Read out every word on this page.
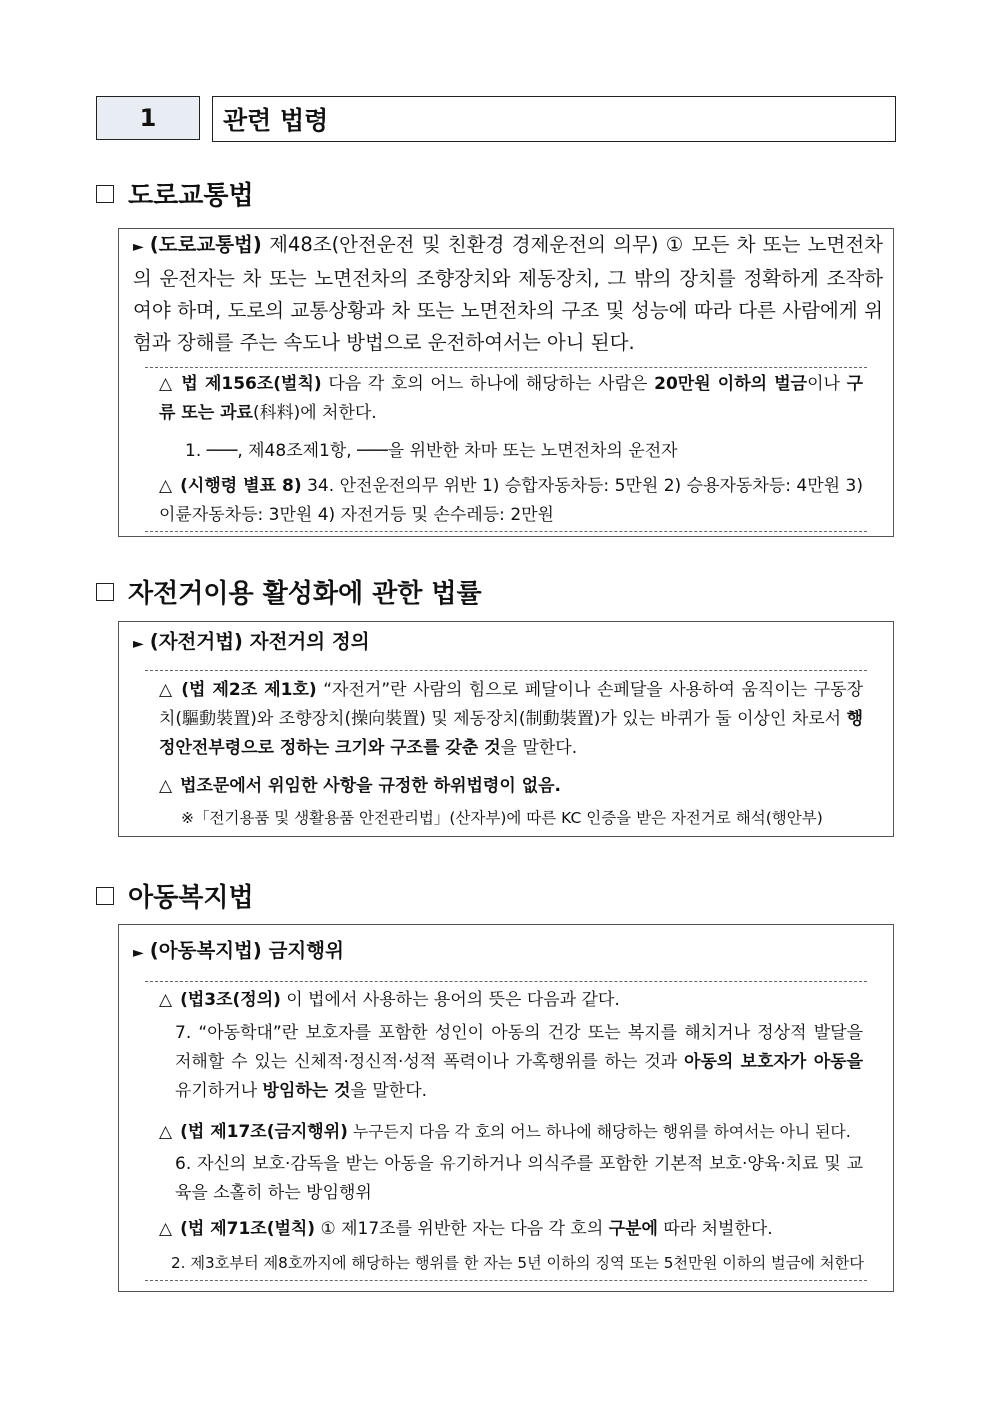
1	관련 법령
도로교통법
► (도로교통법) 제48조(안전운전 및 친환경 경제운전의 의무) ① 모든 차 또는 노면전차의 운전자는 차 또는 노면전차의 조향장치와 제동장치, 그 밖의 장치를 정확하게 조작하여야 하며, 도로의 교통상황과 차 또는 노면전차의 구조 및 성능에 따라 다른 사람에게 위험과 장해를 주는 속도나 방법으로 운전하여서는 아니 된다.
△ 법 제156조(벌칙) 다음 각 호의 어느 하나에 해당하는 사람은 20만원 이하의 벌금이나 구류 또는 과료(科料)에 처한다.
1. ───, 제48조제1항, ───을 위반한 차마 또는 노면전차의 운전자
△ (시행령 별표 8) 34. 안전운전의무 위반 1) 승합자동차등: 5만원 2) 승용자동차등: 4만원 3) 이륜자동차등: 3만원 4) 자전거등 및 손수레등: 2만원
자전거이용 활성화에 관한 법률
► (자전거법) 자전거의 정의
△ (법 제2조 제1호) “자전거”란 사람의 힘으로 페달이나 손페달을 사용하여 움직이는 구동장치(驅動裝置)와 조향장치(操向裝置) 및 제동장치(制動裝置)가 있는 바퀴가 둘 이상인 차로서 행정안전부령으로 정하는 크기와 구조를 갖춘 것을 말한다.
△ 법조문에서 위임한 사항을 규정한 하위법령이 없음.
※「전기용품 및 생활용품 안전관리법」(산자부)에 따른 KC 인증을 받은 자전거로 해석(행안부)
아동복지법
► (아동복지법) 금지행위
△ (법3조(정의) 이 법에서 사용하는 용어의 뜻은 다음과 같다.
7. “아동학대”란 보호자를 포함한 성인이 아동의 건강 또는 복지를 해치거나 정상적 발달을 저해할 수 있는 신체적·정신적·성적 폭력이나 가혹행위를 하는 것과 아동의 보호자가 아동을 유기하거나 방임하는 것을 말한다.
△ (법 제17조(금지행위) 누구든지 다음 각 호의 어느 하나에 해당하는 행위를 하여서는 아니 된다.
6. 자신의 보호·감독을 받는 아동을 유기하거나 의식주를 포함한 기본적 보호·양육·치료 및 교육을 소홀히 하는 방임행위
△ (법 제71조(벌칙) ① 제17조를 위반한 자는 다음 각 호의 구분에 따라 처벌한다.
2. 제3호부터 제8호까지에 해당하는 행위를 한 자는 5년 이하의 징역 또는 5천만원 이하의 벌금에 처한다
